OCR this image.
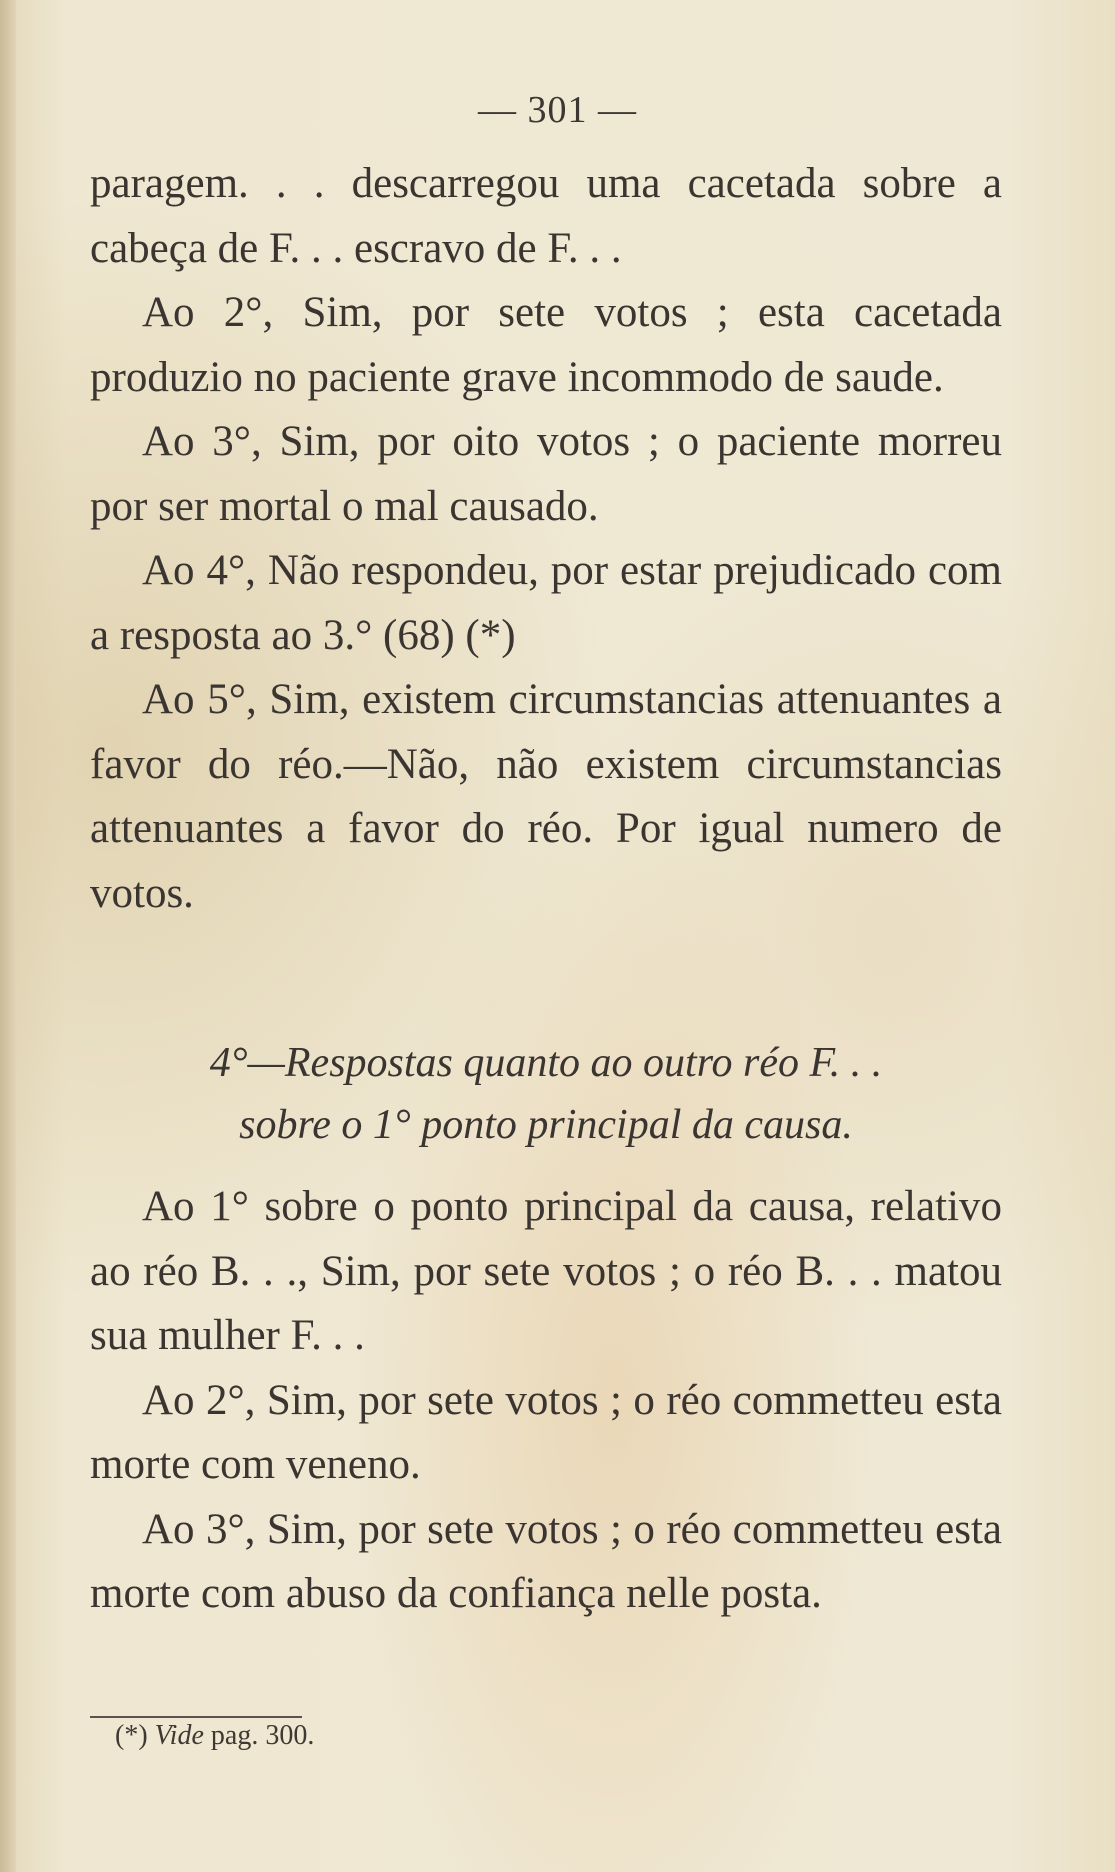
— 301 —

paragem. . . descarregou uma cacetada sobre a cabeça de F. . . escravo de F. . .

Ao 2°, Sim, por sete votos ; esta cacetada produzio no paciente grave incommodo de saude.

Ao 3°, Sim, por oito votos ; o paciente morreu por ser mortal o mal causado.

Ao 4°, Não respondeu, por estar prejudicado com a resposta ao 3.° (68) (*)

Ao 5°, Sim, existem circumstancias attenuantes a favor do réo.—Não, não existem circumstancias attenuantes a favor do réo. Por igual numero de votos.

4°—Respostas quanto ao outro réo F. . .
sobre o 1° ponto principal da causa.

Ao 1° sobre o ponto principal da causa, relativo ao réo B. . ., Sim, por sete votos ; o réo B. . . matou sua mulher F. . .

Ao 2°, Sim, por sete votos ; o réo commetteu esta morte com veneno.

Ao 3°, Sim, por sete votos ; o réo commetteu esta morte com abuso da confiança nelle posta.

(*) Vide pag. 300.
